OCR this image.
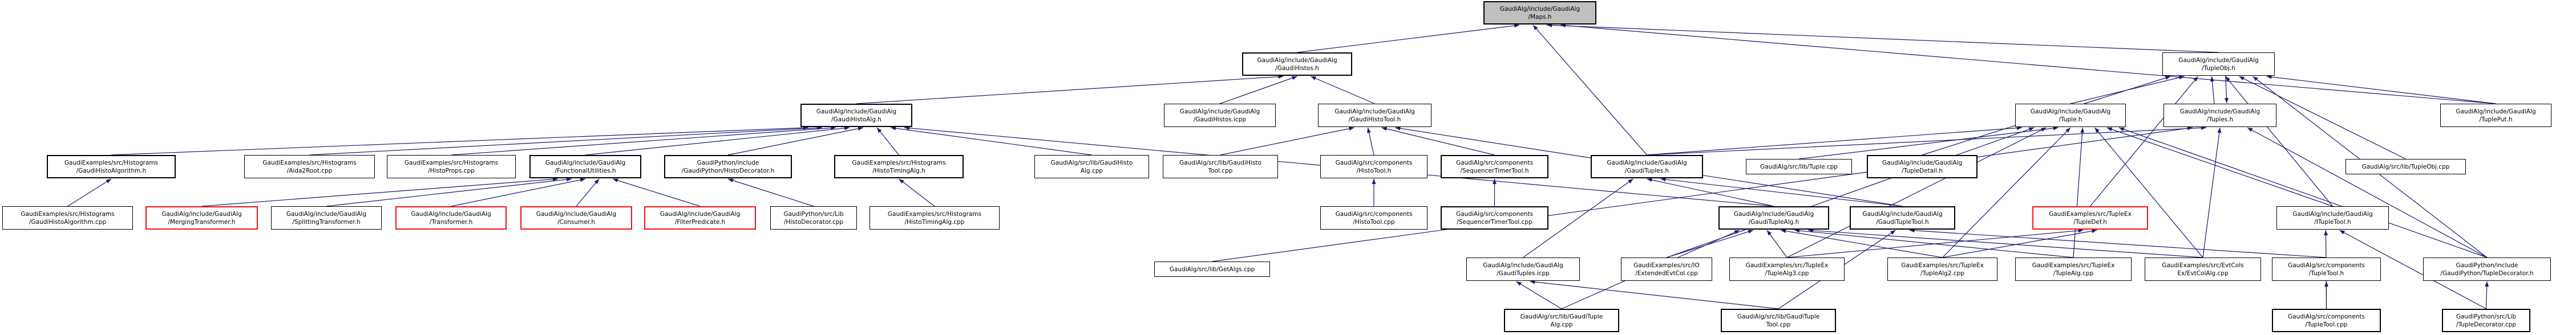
GaudiAlg/include/GaudiAlg
/Maps.h
GaudiAlg/include/GaudiAlg
/GaudiHistos.h
GaudiAlg/include/GaudiAlg
/TupleObj.h
GaudiAlg/include/GaudiAlg
/GaudiHistoAlg.h
GaudiAlg/include/GaudiAlg
/GaudiHistos.icpp
GaudiAlg/include/GaudiAlg
/GaudiHistoTool.h
GaudiAlg/include/GaudiAlg
/Tuple.h
GaudiAlg/include/GaudiAlg
/Tuples.h
GaudiAlg/include/GaudiAlg
/TuplePut.h
GaudiExamples/src/Histograms
/GaudiHistoAlgorithm.h
GaudiExamples/src/Histograms
/Aida2Root.cpp
GaudiExamples/src/Histograms
/HistoProps.cpp
GaudiAlg/include/GaudiAlg
/FunctionalUtilities.h
GaudiPython/include
/GaudiPython/HistoDecorator.h
GaudiExamples/src/Histograms
/HistoTimingAlg.h
GaudiAlg/src/lib/GaudiHisto
Alg.cpp
GaudiAlg/src/lib/GaudiHisto
Tool.cpp
GaudiAlg/src/components
/HistoTool.h
GaudiAlg/src/components
/SequencerTimerTool.h
GaudiAlg/include/GaudiAlg
/GaudiTuples.h
GaudiAlg/src/lib/Tuple.cpp
GaudiAlg/include/GaudiAlg
/TupleDetail.h
GaudiAlg/src/lib/TupleObj.cpp
GaudiExamples/src/Histograms
/GaudiHistoAlgorithm.cpp
GaudiAlg/include/GaudiAlg
/MergingTransformer.h
GaudiAlg/include/GaudiAlg
/SplittingTransformer.h
GaudiAlg/include/GaudiAlg
/Transformer.h
GaudiAlg/include/GaudiAlg
/Consumer.h
GaudiAlg/include/GaudiAlg
/FilterPredicate.h
GaudiPython/src/Lib
/HistoDecorator.cpp
GaudiExamples/src/Histograms
/HistoTimingAlg.cpp
GaudiAlg/src/components
/HistoTool.cpp
GaudiAlg/src/components
/SequencerTimerTool.cpp
GaudiAlg/include/GaudiAlg
/GaudiTupleAlg.h
GaudiAlg/include/GaudiAlg
/GaudiTupleTool.h
GaudiExamples/src/TupleEx
/TupleDef.h
GaudiAlg/include/GaudiAlg
/ITupleTool.h
GaudiAlg/src/lib/GetAlgs.cpp
GaudiAlg/include/GaudiAlg
/GaudiTuples.icpp
GaudiExamples/src/IO
/ExtendedEvtCol.cpp
GaudiExamples/src/TupleEx
/TupleAlg3.cpp
GaudiExamples/src/TupleEx
/TupleAlg2.cpp
GaudiExamples/src/TupleEx
/TupleAlg.cpp
GaudiExamples/src/EvtCols
Ex/EvtColAlg.cpp
GaudiAlg/src/components
/TupleTool.h
GaudiPython/include
/GaudiPython/TupleDecorator.h
GaudiAlg/src/lib/GaudiTuple
Alg.cpp
GaudiAlg/src/lib/GaudiTuple
Tool.cpp
GaudiAlg/src/components
/TupleTool.cpp
GaudiPython/src/Lib
/TupleDecorator.cpp
